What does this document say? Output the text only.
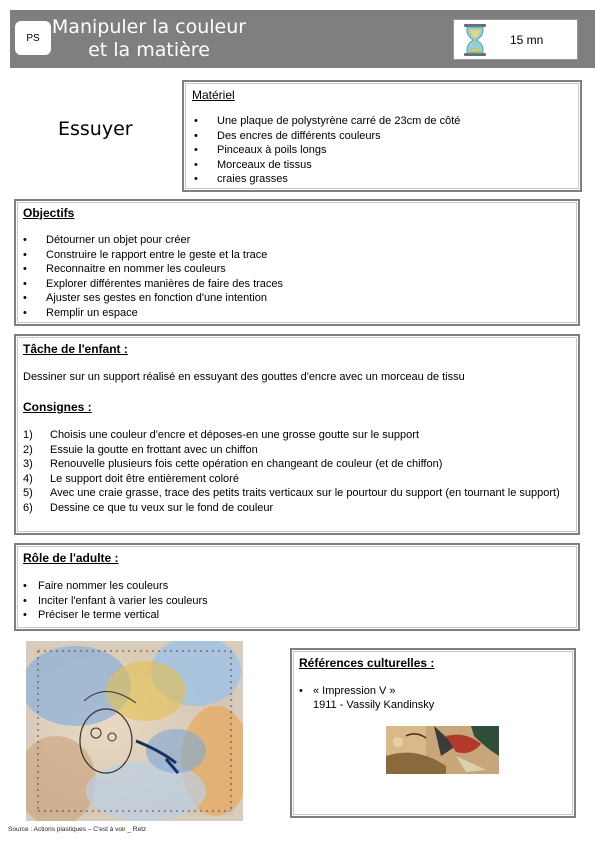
PS Manipuler la couleur
et la matière	15 mn
Essuyer
Matériel
• Une plaque de polystyrène carré de 23cm de côté
• Des encres de différents couleurs
• Pinceaux à poils longs
• Morceaux de tissus
• craies grasses
Objectifs
• Détourner un objet pour créer
• Construire le rapport entre le geste et la trace
• Reconnaitre en nommer les couleurs
• Explorer différentes manières de faire des traces
• Ajuster ses gestes en fonction d'une intention
• Remplir un espace
Tâche de l'enfant :
Dessiner sur un support réalisé en essuyant des gouttes d'encre avec un morceau de tissu
Consignes :
1) Choisis une couleur d'encre et déposes-en une grosse goutte sur le support
2) Essuie la goutte en frottant avec un chiffon
3) Renouvelle plusieurs fois cette opération en changeant de couleur (et de chiffon)
4) Le support doit être entièrement coloré
5) Avec une craie grasse, trace des petits traits verticaux sur le pourtour du support (en tournant le support)
6) Dessine ce que tu veux sur le fond de couleur
Rôle de l'adulte :
• Faire nommer les couleurs
• Inciter l'enfant à varier les couleurs
• Préciser le terme vertical
Références culturelles :
• « Impression V »
1911 - Vassily Kandinsky
Source : Actions plastiques – C'est à voir _ Retz
